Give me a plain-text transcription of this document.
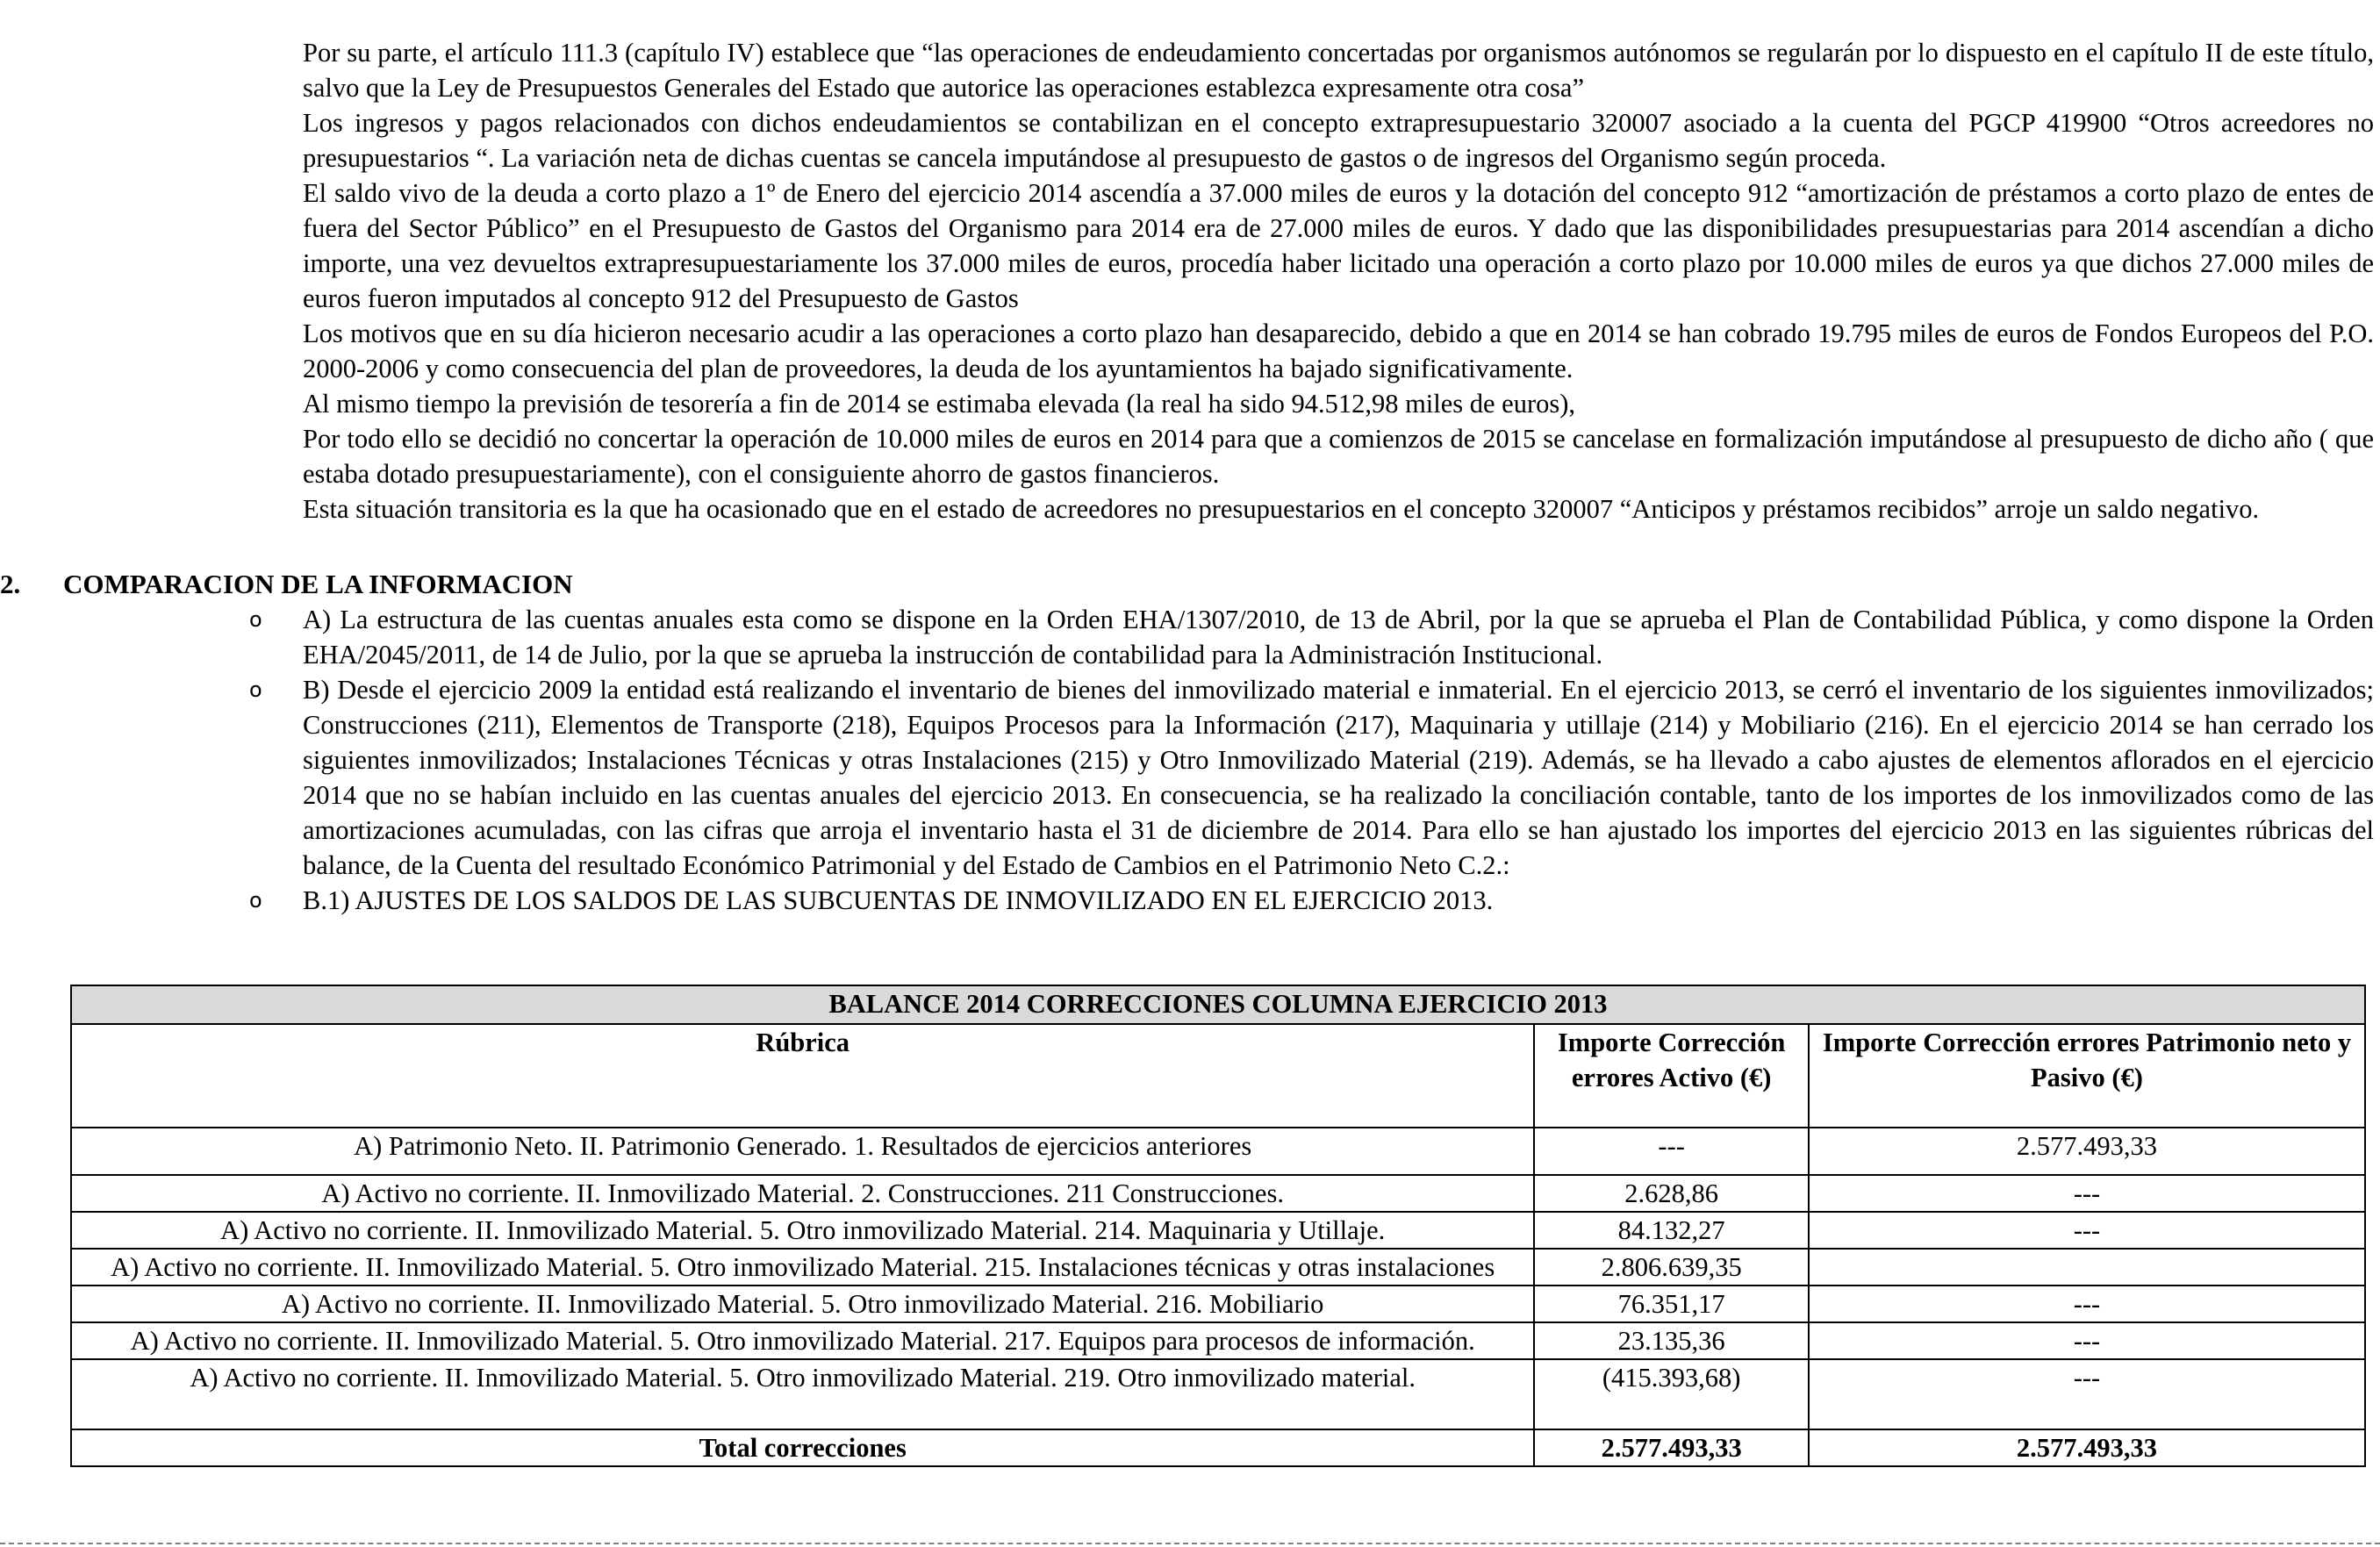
Por su parte, el artículo 111.3 (capítulo IV) establece que “las operaciones de endeudamiento concertadas por organismos autónomos se regularán por lo dispuesto en el capítulo II de este título, salvo que la Ley de Presupuestos Generales del Estado que autorice las operaciones establezca expresamente otra cosa”

Los ingresos y pagos relacionados con dichos endeudamientos se contabilizan en el concepto extrapresupuestario 320007 asociado a la cuenta del PGCP 419900 “Otros acreedores no presupuestarios “. La variación neta de dichas cuentas se cancela imputándose al presupuesto de gastos o de ingresos del Organismo según proceda.

El saldo vivo de la deuda a corto plazo a 1º de Enero del ejercicio 2014 ascendía a 37.000 miles de euros y la dotación del concepto 912 “amortización de préstamos a corto plazo de entes de fuera del Sector Público” en el Presupuesto de Gastos del Organismo para 2014 era de 27.000 miles de euros. Y dado que las disponibilidades presupuestarias para 2014 ascendían a dicho importe, una vez devueltos extrapresupuestariamente los 37.000 miles de euros, procedía haber licitado una operación a corto plazo por 10.000 miles de euros ya que dichos 27.000 miles de euros fueron imputados al concepto 912 del Presupuesto de Gastos

Los motivos que en su día hicieron necesario acudir a las operaciones a corto plazo han desaparecido, debido a que en 2014 se han cobrado 19.795 miles de euros de Fondos Europeos del P.O. 2000-2006 y como consecuencia del plan de proveedores, la deuda de los ayuntamientos ha bajado significativamente.

Al mismo tiempo la previsión de tesorería a fin de 2014 se estimaba elevada (la real ha sido 94.512,98 miles de euros),

Por todo ello se decidió no concertar la operación de 10.000 miles de euros en 2014 para que a comienzos de 2015 se cancelase en formalización imputándose al presupuesto de dicho año ( que estaba dotado presupuestariamente), con el consiguiente ahorro de gastos financieros.

Esta situación transitoria es la que ha ocasionado que en el estado de acreedores no presupuestarios en el concepto 320007 “Anticipos y préstamos recibidos” arroje un saldo negativo.

2. COMPARACION DE LA INFORMACION
o A) La estructura de las cuentas anuales esta como se dispone en la Orden EHA/1307/2010, de 13 de Abril, por la que se aprueba el Plan de Contabilidad Pública, y como dispone la Orden EHA/2045/2011, de 14 de Julio, por la que se aprueba la instrucción de contabilidad para la Administración Institucional.
o B) Desde el ejercicio 2009 la entidad está realizando el inventario de bienes del inmovilizado material e inmaterial. En el ejercicio 2013, se cerró el inventario de los siguientes inmovilizados; Construcciones (211), Elementos de Transporte (218), Equipos Procesos para la Información (217), Maquinaria y utillaje (214) y Mobiliario (216). En el ejercicio 2014 se han cerrado los siguientes inmovilizados; Instalaciones Técnicas y otras Instalaciones (215) y Otro Inmovilizado Material (219). Además, se ha llevado a cabo ajustes de elementos aflorados en el ejercicio 2014 que no se habían incluido en las cuentas anuales del ejercicio 2013. En consecuencia, se ha realizado la conciliación contable, tanto de los importes de los inmovilizados como de las amortizaciones acumuladas, con las cifras que arroja el inventario hasta el 31 de diciembre de 2014. Para ello se han ajustado los importes del ejercicio 2013 en las siguientes rúbricas del balance, de la Cuenta del resultado Económico Patrimonial y del Estado de Cambios en el Patrimonio Neto C.2.:
o B.1) AJUSTES DE LOS SALDOS DE LAS SUBCUENTAS DE INMOVILIZADO EN EL EJERCICIO 2013.
BALANCE 2014 CORRECCIONES COLUMNA EJERCICIO 2013		
Rúbrica	Importe Corrección errores Activo (€)	Importe Corrección errores Patrimonio neto y Pasivo (€)
A) Patrimonio Neto. II. Patrimonio Generado. 1. Resultados de ejercicios anteriores	---	2.577.493,33
A) Activo no corriente. II. Inmovilizado Material. 2. Construcciones. 211 Construcciones.	2.628,86	---
A) Activo no corriente. II. Inmovilizado Material. 5. Otro inmovilizado Material. 214. Maquinaria y Utillaje.	84.132,27	---
A) Activo no corriente. II. Inmovilizado Material. 5. Otro inmovilizado Material. 215. Instalaciones técnicas y otras instalaciones	2.806.639,35	
A) Activo no corriente. II. Inmovilizado Material. 5. Otro inmovilizado Material. 216. Mobiliario	76.351,17	---
A) Activo no corriente. II. Inmovilizado Material. 5. Otro inmovilizado Material. 217. Equipos para procesos de información.	23.135,36	---
A) Activo no corriente. II. Inmovilizado Material. 5. Otro inmovilizado Material. 219. Otro inmovilizado material.	(415.393,68)	---
Total correcciones	2.577.493,33	2.577.493,33
